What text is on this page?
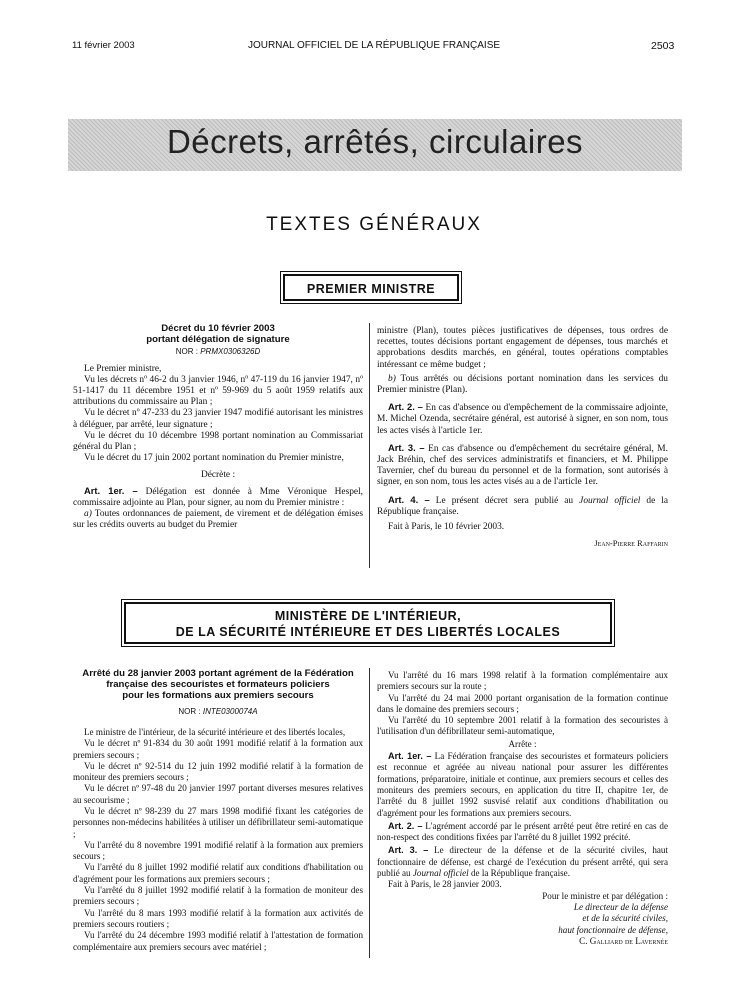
11 février 2003	JOURNAL OFFICIEL DE LA RÉPUBLIQUE FRANÇAISE	2503
Décrets, arrêtés, circulaires
TEXTES GÉNÉRAUX
PREMIER MINISTRE

Décret du 10 février 2003

portant délégation de signature

NOR : PRMX0306326D

Le Premier ministre,

Vu les décrets nº 46-2 du 3 janvier 1946, nº 47-119 du 16 janvier 1947, nº 51-1417 du 11 décembre 1951 et nº 59-969 du 5 août 1959 relatifs aux attributions du commissaire au Plan ;

Vu le décret nº 47-233 du 23 janvier 1947 modifié autorisant les ministres à déléguer, par arrêté, leur signature ;

Vu le décret du 10 décembre 1998 portant nomination au Commissariat général du Plan ;

Vu le décret du 17 juin 2002 portant nomination du Premier ministre,

Décrète :

Art. 1er. – Délégation est donnée à Mme Véronique Hespel, commissaire adjointe au Plan, pour signer, au nom du Premier ministre :

a) Toutes ordonnances de paiement, de virement et de délégation émises sur les crédits ouverts au budget du Premier

ministre (Plan), toutes pièces justificatives de dépenses, tous ordres de recettes, toutes décisions portant engagement de dépenses, tous marchés et approbations desdits marchés, en général, toutes opérations comptables intéressant ce même budget ;

b) Tous arrêtés ou décisions portant nomination dans les services du Premier ministre (Plan).

Art. 2. – En cas d'absence ou d'empêchement de la commissaire adjointe, M. Michel Ozenda, secrétaire général, est autorisé à signer, en son nom, tous les actes visés à l'article 1er.

Art. 3. – En cas d'absence ou d'empêchement du secrétaire général, M. Jack Bréhin, chef des services administratifs et financiers, et M. Philippe Tavernier, chef du bureau du personnel et de la formation, sont autorisés à signer, en son nom, tous les actes visés au a de l'article 1er.

Art. 4. – Le présent décret sera publié au Journal officiel de la République française.

Fait à Paris, le 10 février 2003.

Jean-Pierre Raffarin

MINISTÈRE DE L'INTÉRIEUR,
DE LA SÉCURITÉ INTÉRIEURE ET DES LIBERTÉS LOCALES

Arrêté du 28 janvier 2003 portant agrément de la Fédération française des secouristes et formateurs policiers

pour les formations aux premiers secours

NOR : INTE0300074A

Le ministre de l'intérieur, de la sécurité intérieure et des libertés locales,

Vu le décret nº 91-834 du 30 août 1991 modifié relatif à la formation aux premiers secours ;

Vu le décret nº 92-514 du 12 juin 1992 modifié relatif à la formation de moniteur des premiers secours ;

Vu le décret nº 97-48 du 20 janvier 1997 portant diverses mesures relatives au secourisme ;

Vu le décret nº 98-239 du 27 mars 1998 modifié fixant les catégories de personnes non-médecins habilitées à utiliser un défibrillateur semi-automatique ;

Vu l'arrêté du 8 novembre 1991 modifié relatif à la formation aux premiers secours ;

Vu l'arrêté du 8 juillet 1992 modifié relatif aux conditions d'habilitation ou d'agrément pour les formations aux premiers secours ;

Vu l'arrêté du 8 juillet 1992 modifié relatif à la formation de moniteur des premiers secours ;

Vu l'arrêté du 8 mars 1993 modifié relatif à la formation aux activités de premiers secours routiers ;

Vu l'arrêté du 24 décembre 1993 modifié relatif à l'attestation de formation complémentaire aux premiers secours avec matériel ;

Vu l'arrêté du 16 mars 1998 relatif à la formation complémentaire aux premiers secours sur la route ;

Vu l'arrêté du 24 mai 2000 portant organisation de la formation continue dans le domaine des premiers secours ;

Vu l'arrêté du 10 septembre 2001 relatif à la formation des secouristes à l'utilisation d'un défibrillateur semi-automatique,

Arrête :

Art. 1er. – La Fédération française des secouristes et formateurs policiers est reconnue et agréée au niveau national pour assurer les différentes formations, préparatoire, initiale et continue, aux premiers secours et celles des moniteurs des premiers secours, en application du titre II, chapitre 1er, de l'arrêté du 8 juillet 1992 susvisé relatif aux conditions d'habilitation ou d'agrément pour les formations aux premiers secours.

Art. 2. – L'agrément accordé par le présent arrêté peut être retiré en cas de non-respect des conditions fixées par l'arrêté du 8 juillet 1992 précité.

Art. 3. – Le directeur de la défense et de la sécurité civiles, haut fonctionnaire de défense, est chargé de l'exécution du présent arrêté, qui sera publié au Journal officiel de la République française.

Fait à Paris, le 28 janvier 2003.

Pour le ministre et par délégation :

Le directeur de la défense

et de la sécurité civiles,

haut fonctionnaire de défense,

C. Galliard de Lavernée
